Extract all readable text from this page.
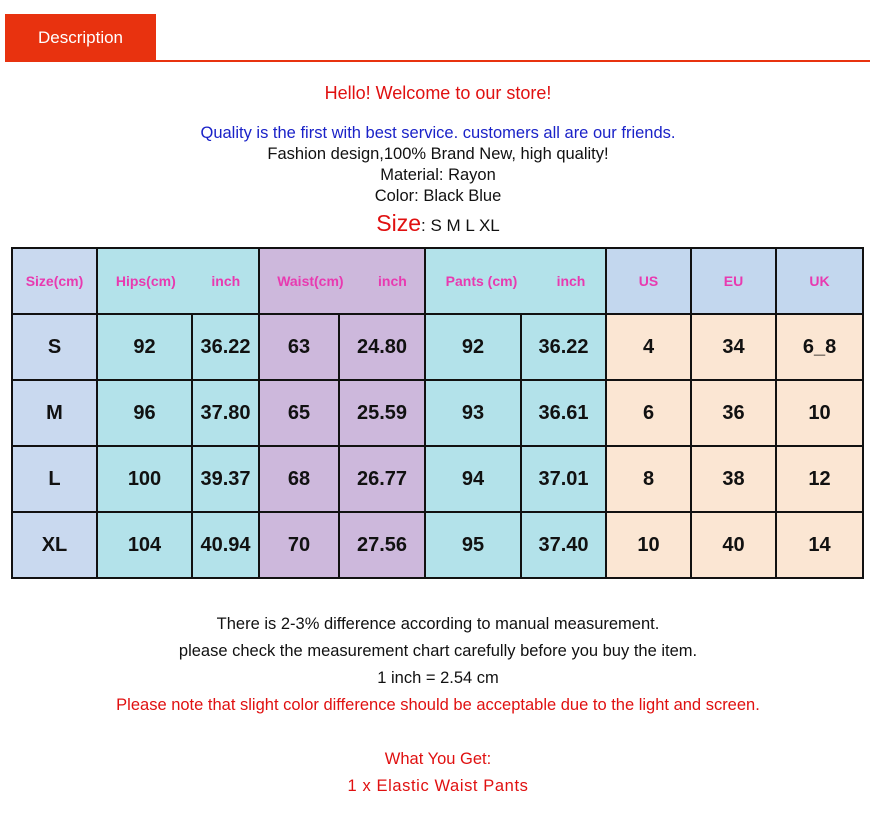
Description
Hello! Welcome to our store!
Quality is the first with best service. customers all are our friends.
Fashion design,100% Brand New, high quality!
Material: Rayon
Color: Black Blue
Size: S M L XL
Size(cm)	Hips(cm) inch		Waist(cm) inch		Pants (cm) inch		US	EU	UK
S	92	36.22	63	24.80	92	36.22	4	34	6_8
M	96	37.80	65	25.59	93	36.61	6	36	10
L	100	39.37	68	26.77	94	37.01	8	38	12
XL	104	40.94	70	27.56	95	37.40	10	40	14
There is 2-3% difference according to manual measurement.
please check the measurement chart carefully before you buy the item.
1 inch = 2.54 cm
Please note that slight color difference should be acceptable due to the light and screen.
What You Get:
1 x Elastic Waist Pants
